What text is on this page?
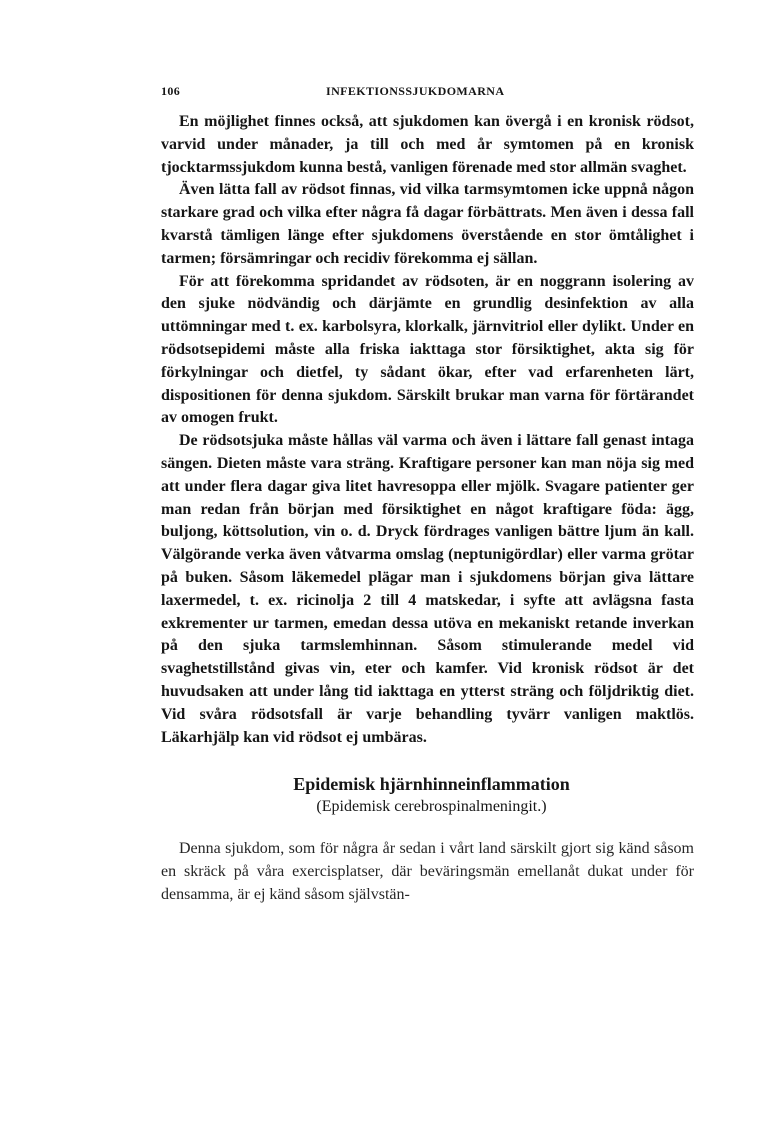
106	INFEKTIONSSJUKDOMARNA

En möjlighet finnes också, att sjukdomen kan övergå i en kronisk rödsot, varvid under månader, ja till och med år symtomen på en kronisk tjocktarmssjukdom kunna bestå, vanligen förenade med stor allmän svaghet.

Även lätta fall av rödsot finnas, vid vilka tarmsymtomen icke uppnå någon starkare grad och vilka efter några få dagar förbättrats. Men även i dessa fall kvarstå tämligen länge efter sjukdomens överstående en stor ömtålighet i tarmen; försämringar och recidiv förekomma ej sällan.

För att förekomma spridandet av rödsoten, är en noggrann isolering av den sjuke nödvändig och därjämte en grundlig desinfektion av alla uttömningar med t. ex. karbolsyra, klorkalk, järnvitriol eller dylikt. Under en rödsotsepidemi måste alla friska iakttaga stor försiktighet, akta sig för förkylningar och dietfel, ty sådant ökar, efter vad erfarenheten lärt, dispositionen för denna sjukdom. Särskilt brukar man varna för förtärandet av omogen frukt.

De rödsotsjuka måste hållas väl varma och även i lättare fall genast intaga sängen. Dieten måste vara sträng. Kraftigare personer kan man nöja sig med att under flera dagar giva litet havresoppa eller mjölk. Svagare patienter ger man redan från början med försiktighet en något kraftigare föda: ägg, buljong, köttsolution, vin o. d. Dryck fördrages vanligen bättre ljum än kall. Välgörande verka även våtvarma omslag (neptunigördlar) eller varma grötar på buken. Såsom läkemedel plägar man i sjukdomens början giva lättare laxermedel, t. ex. ricinolja 2 till 4 matskedar, i syfte att avlägsna fasta exkrementer ur tarmen, emedan dessa utöva en mekaniskt retande inverkan på den sjuka tarmslemhinnan. Såsom stimulerande medel vid svaghetstillstånd givas vin, eter och kamfer. Vid kronisk rödsot är det huvudsaken att under lång tid iakttaga en ytterst sträng och följdriktig diet. Vid svåra rödsotsfall är varje behandling tyvärr vanligen maktlös. Läkarhjälp kan vid rödsot ej umbäras.

Epidemisk hjärnhinneinflammation
(Epidemisk cerebrospinalmeningit.)

Denna sjukdom, som för några år sedan i vårt land särskilt gjort sig känd såsom en skräck på våra exercisplatser, där beväringsmän emellanåt dukat under för densamma, är ej känd såsom självstän-
